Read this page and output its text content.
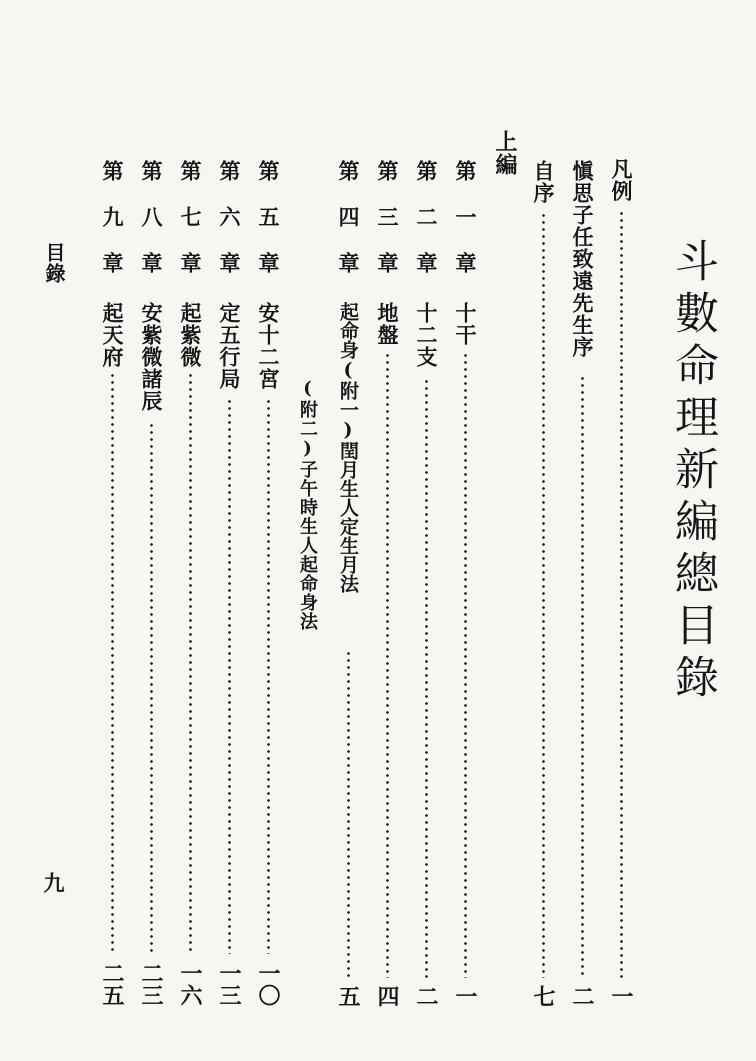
斗數命理新編總目錄
凡例
一
愼思子任致遠先生序
二
自序
七
上編
第
一
章
十干
一
第
二
章
十二支
二
第
三
章
地盤
四
第
四
章
起命身(附一)閏月生人定生月法
五
(附二)子午時生人起命身法
第
五
章
安十二宮
一〇
第
六
章
定五行局
一三
第
七
章
起紫微
一六
第
八
章
安紫微諸辰
二三
第
九
章
起天府
二五
目錄
九
